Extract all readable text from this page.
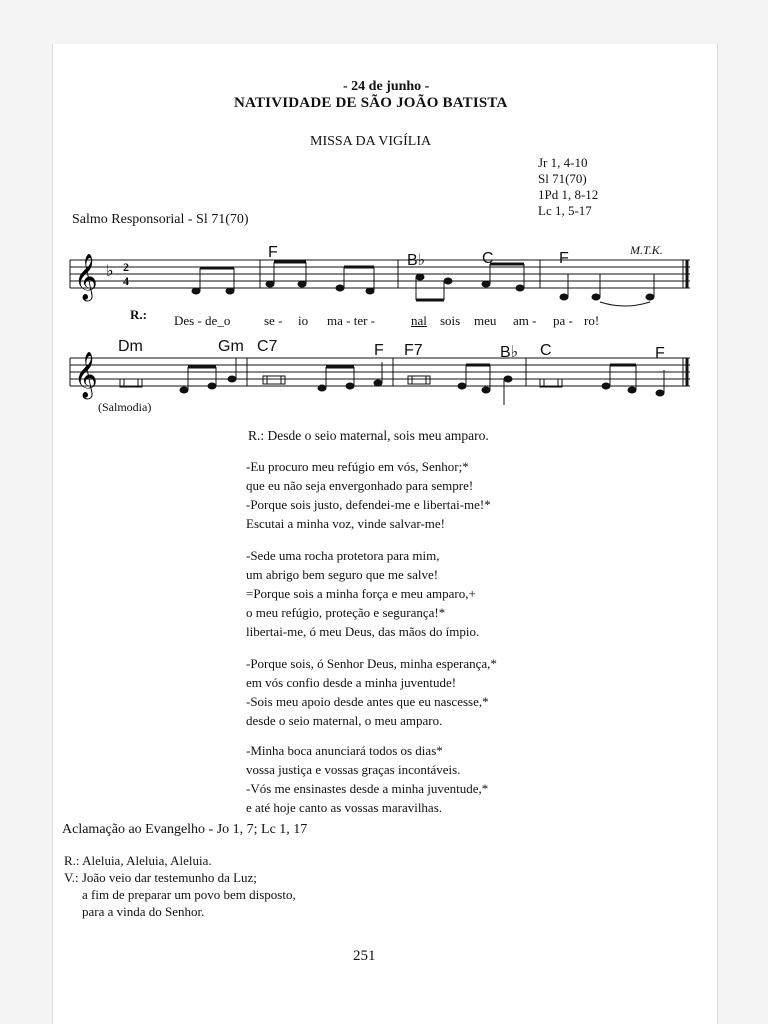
- 24 de junho -
NATIVIDADE DE SÃO JOÃO BATISTA
MISSA DA VIGÍLIA
Jr 1, 4-10
Sl 71(70)
1Pd 1, 8-12
Lc 1, 5-17
Salmo Responsorial - Sl 71(70)
M.T.K.
𝄞 ♭ 2
4
𝄞
F	B♭	C	F
R.: Des - de_o	se - io ma - ter -	nal sois meu am - pa - ro!
Dm	Gm C7	F F7	B♭ C	F
(Salmodia)
R.: Desde o seio maternal, sois meu amparo.
-Eu procuro meu refúgio em vós, Senhor;*
que eu não seja envergonhado para sempre!
-Porque sois justo, defendei-me e libertai-me!*
Escutai a minha voz, vinde salvar-me!
-Sede uma rocha protetora para mim,
um abrigo bem seguro que me salve!
=Porque sois a minha força e meu amparo,+
o meu refúgio, proteção e segurança!*
libertai-me, ó meu Deus, das mãos do ímpio.
-Porque sois, ó Senhor Deus, minha esperança,*
em vós confio desde a minha juventude!
-Sois meu apoio desde antes que eu nascesse,*
desde o seio maternal, o meu amparo.
-Minha boca anunciará todos os dias*
vossa justiça e vossas graças incontáveis.
-Vós me ensinastes desde a minha juventude,*
e até hoje canto as vossas maravilhas.
Aclamação ao Evangelho - Jo 1, 7; Lc 1, 17
R.: Aleluia, Aleluia, Aleluia.
V.: João veio dar testemunho da Luz;
a fim de preparar um povo bem disposto,
para a vinda do Senhor.
251
